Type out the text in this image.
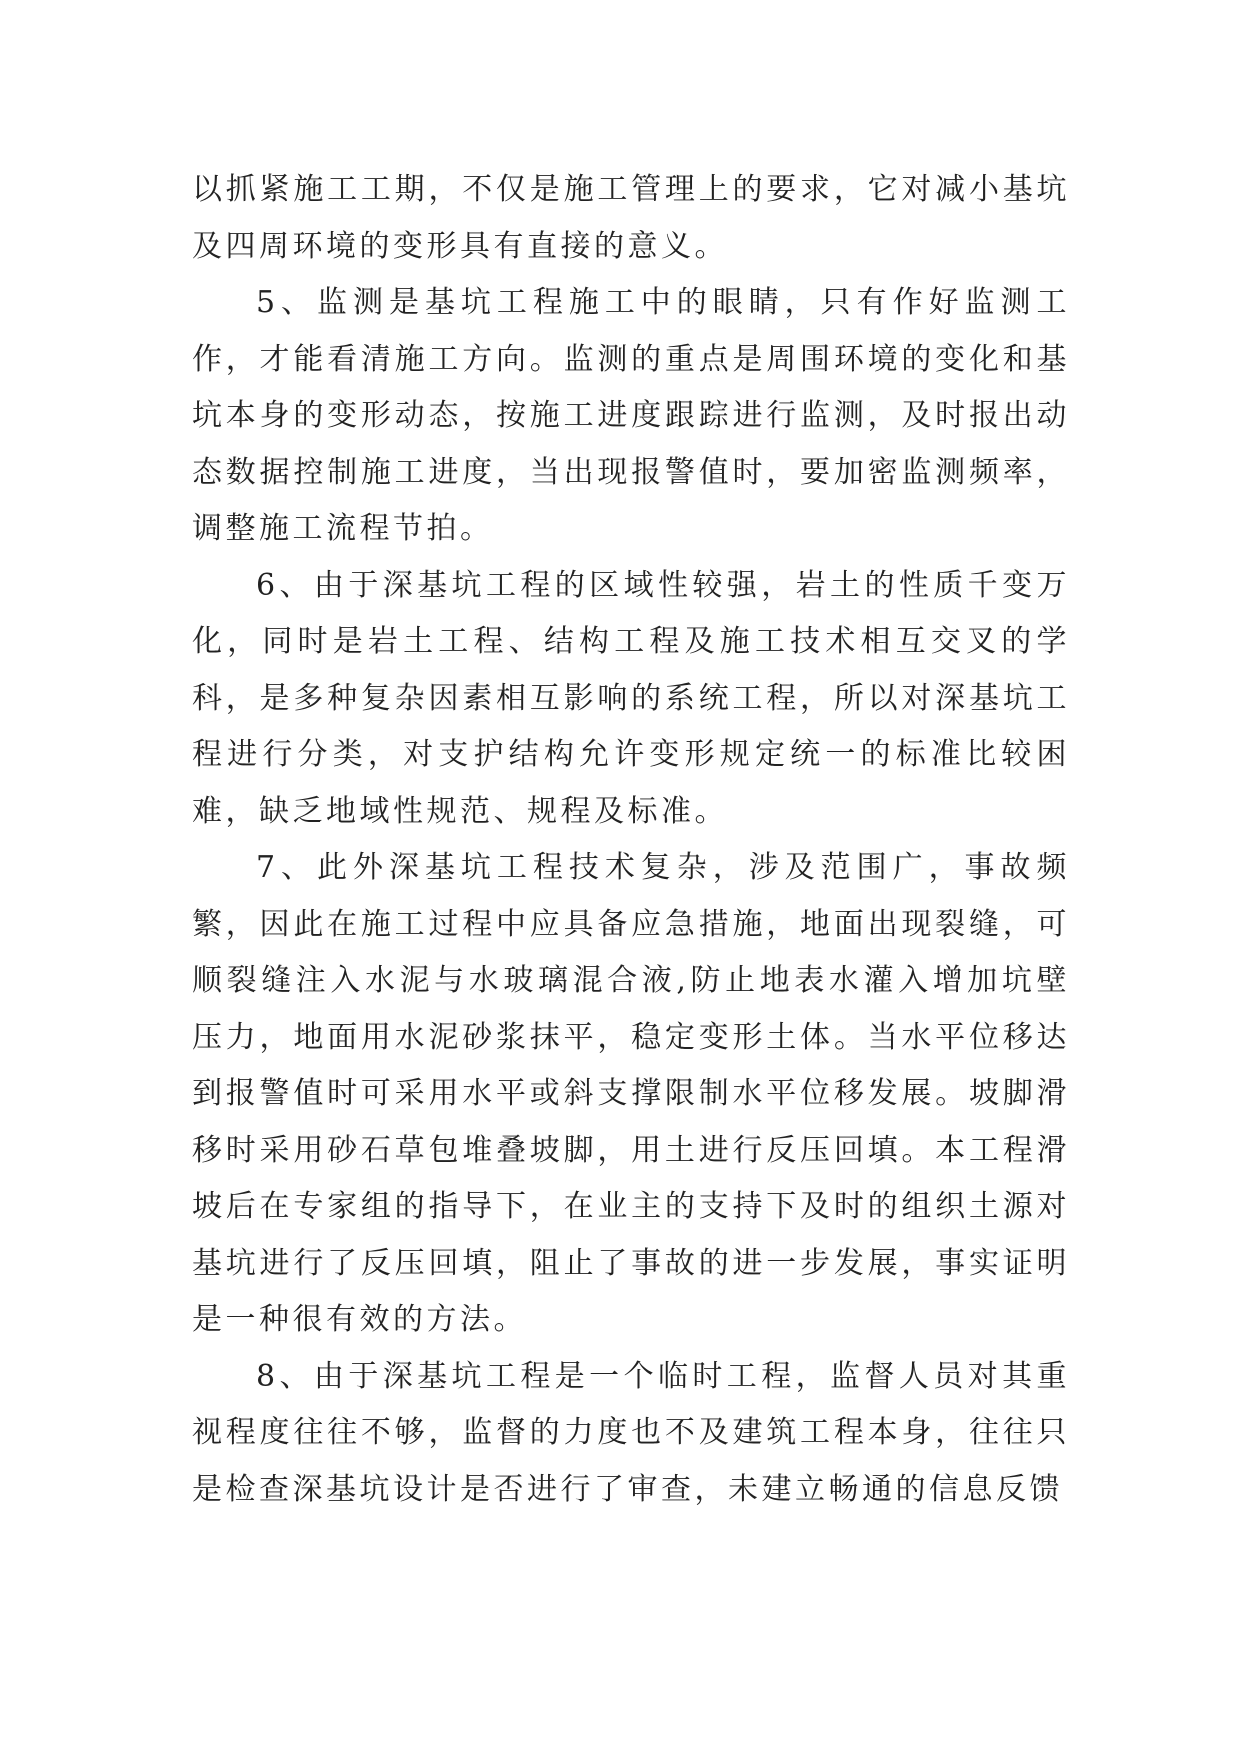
以抓紧施工工期，不仅是施工管理上的要求，它对减小基坑及四周环境的变形具有直接的意义。

5、监测是基坑工程施工中的眼睛，只有作好监测工作，才能看清施工方向。监测的重点是周围环境的变化和基坑本身的变形动态，按施工进度跟踪进行监测，及时报出动态数据控制施工进度，当出现报警值时，要加密监测频率，调整施工流程节拍。

6、由于深基坑工程的区域性较强，岩土的性质千变万化，同时是岩土工程、结构工程及施工技术相互交叉的学科，是多种复杂因素相互影响的系统工程，所以对深基坑工程进行分类，对支护结构允许变形规定统一的标准比较困难，缺乏地域性规范、规程及标准。

7、此外深基坑工程技术复杂，涉及范围广，事故频繁，因此在施工过程中应具备应急措施，地面出现裂缝，可顺裂缝注入水泥与水玻璃混合液,防止地表水灌入增加坑壁压力，地面用水泥砂浆抹平，稳定变形土体。当水平位移达到报警值时可采用水平或斜支撑限制水平位移发展。坡脚滑移时采用砂石草包堆叠坡脚，用土进行反压回填。本工程滑坡后在专家组的指导下，在业主的支持下及时的组织土源对基坑进行了反压回填，阻止了事故的进一步发展，事实证明是一种很有效的方法。

8、由于深基坑工程是一个临时工程，监督人员对其重视程度往往不够，监督的力度也不及建筑工程本身，往往只是检查深基坑设计是否进行了审查，未建立畅通的信息反馈
